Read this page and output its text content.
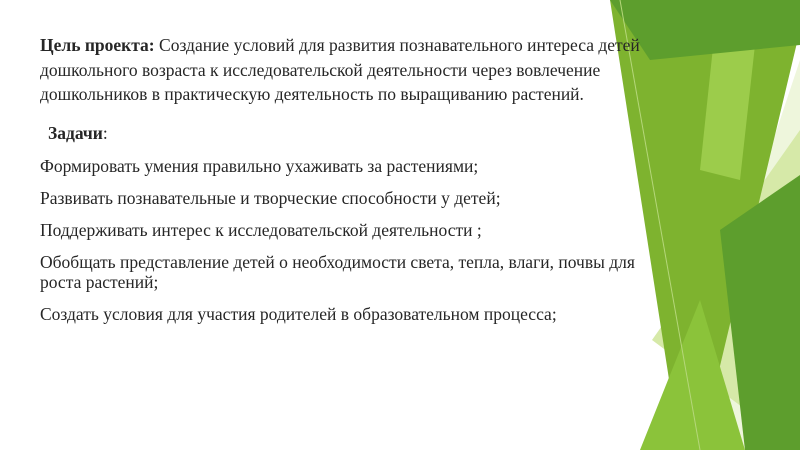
Цель проекта: Создание условий для развития познавательного интереса детей дошкольного возраста к исследовательской деятельности через вовлечение дошкольников в практическую деятельность по выращиванию растений.

Задачи:

Формировать умения правильно ухаживать за растениями;

Развивать познавательные и творческие способности у детей;

Поддерживать интерес к исследовательской деятельности ;

Обобщать представление детей о необходимости света, тепла, влаги, почвы для роста растений;

Создать условия для участия родителей в образовательном процесса;
